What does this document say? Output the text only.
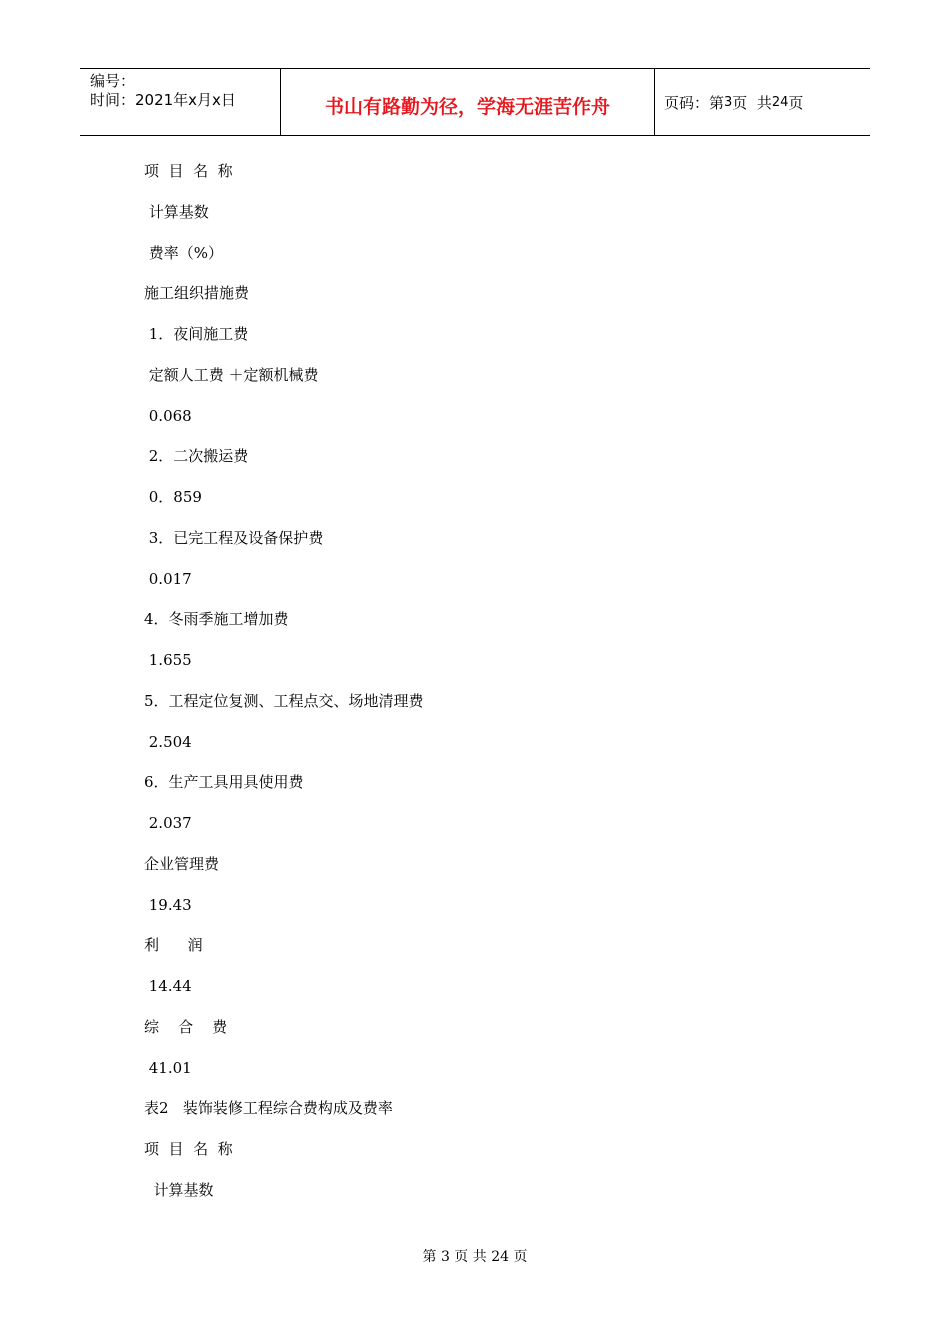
编号：
时间：2021年x月x日	书山有路勤为径，学海无涯苦作舟	页码：第 3 页  共 24 页
项  目  名  称
计算基数
费率（%）
施工组织措施费
1．夜间施工费
定额人工费 ＋定额机械费
0.068
2．二次搬运费
0．859
3．已完工程及设备保护费
0.017
4．冬雨季施工增加费
1.655
5．工程定位复测、工程点交、场地清理费
2.504
6．生产工具用具使用费
2.037
企业管理费
19.43
利      润
14.44
综    合    费
41.01
表2   装饰装修工程综合费构成及费率
项  目  名  称
计算基数
第 3 页 共 24 页
